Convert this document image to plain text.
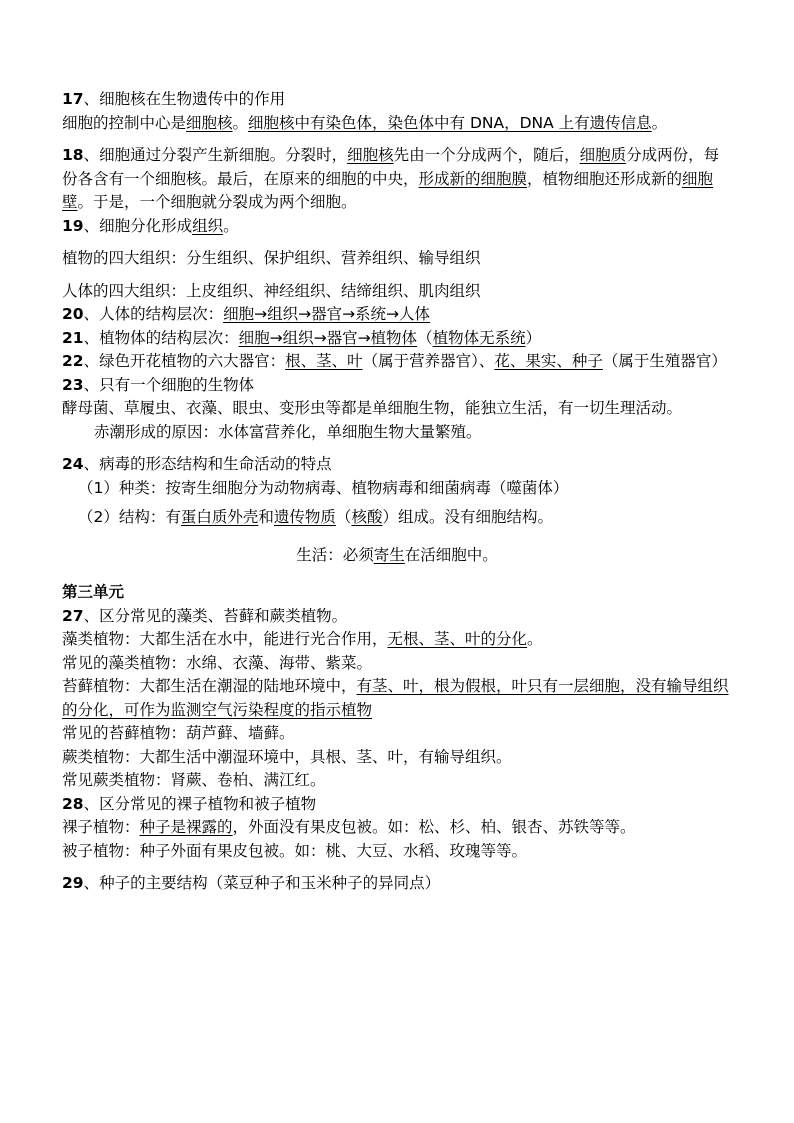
17、细胞核在生物遗传中的作用

细胞的控制中心是细胞核。细胞核中有染色体，染色体中有 DNA，DNA 上有遗传信息。

18、细胞通过分裂产生新细胞。分裂时，细胞核先由一个分成两个，随后，细胞质分成两份，每份各含有一个细胞核。最后，在原来的细胞的中央，形成新的细胞膜，植物细胞还形成新的细胞壁。于是，一个细胞就分裂成为两个细胞。

19、细胞分化形成组织。

植物的四大组织：分生组织、保护组织、营养组织、输导组织

人体的四大组织：上皮组织、神经组织、结缔组织、肌肉组织

20、人体的结构层次：细胞→组织→器官→系统→人体

21、植物体的结构层次：细胞→组织→器官→植物体（植物体无系统）

22、绿色开花植物的六大器官：根、茎、叶（属于营养器官）、花、果实、种子（属于生殖器官）

23、只有一个细胞的生物体

酵母菌、草履虫、衣藻、眼虫、变形虫等都是单细胞生物，能独立生活，有一切生理活动。

赤潮形成的原因：水体富营养化，单细胞生物大量繁殖。

24、病毒的形态结构和生命活动的特点

（1）种类：按寄生细胞分为动物病毒、植物病毒和细菌病毒（噬菌体）

（2）结构：有蛋白质外壳和遗传物质（核酸）组成。没有细胞结构。

生活：必须寄生在活细胞中。

第三单元

27、区分常见的藻类、苔藓和蕨类植物。

藻类植物：大都生活在水中，能进行光合作用，无根、茎、叶的分化。

常见的藻类植物：水绵、衣藻、海带、紫菜。

苔藓植物：大都生活在潮湿的陆地环境中，有茎、叶，根为假根，叶只有一层细胞，没有输导组织的分化，可作为监测空气污染程度的指示植物

常见的苔藓植物：葫芦藓、墙藓。

蕨类植物：大都生活中潮湿环境中，具根、茎、叶，有输导组织。

常见蕨类植物：肾蕨、卷柏、满江红。

28、区分常见的裸子植物和被子植物

裸子植物：种子是裸露的，外面没有果皮包被。如：松、杉、柏、银杏、苏铁等等。

被子植物：种子外面有果皮包被。如：桃、大豆、水稻、玫瑰等等。

29、种子的主要结构（菜豆种子和玉米种子的异同点）
